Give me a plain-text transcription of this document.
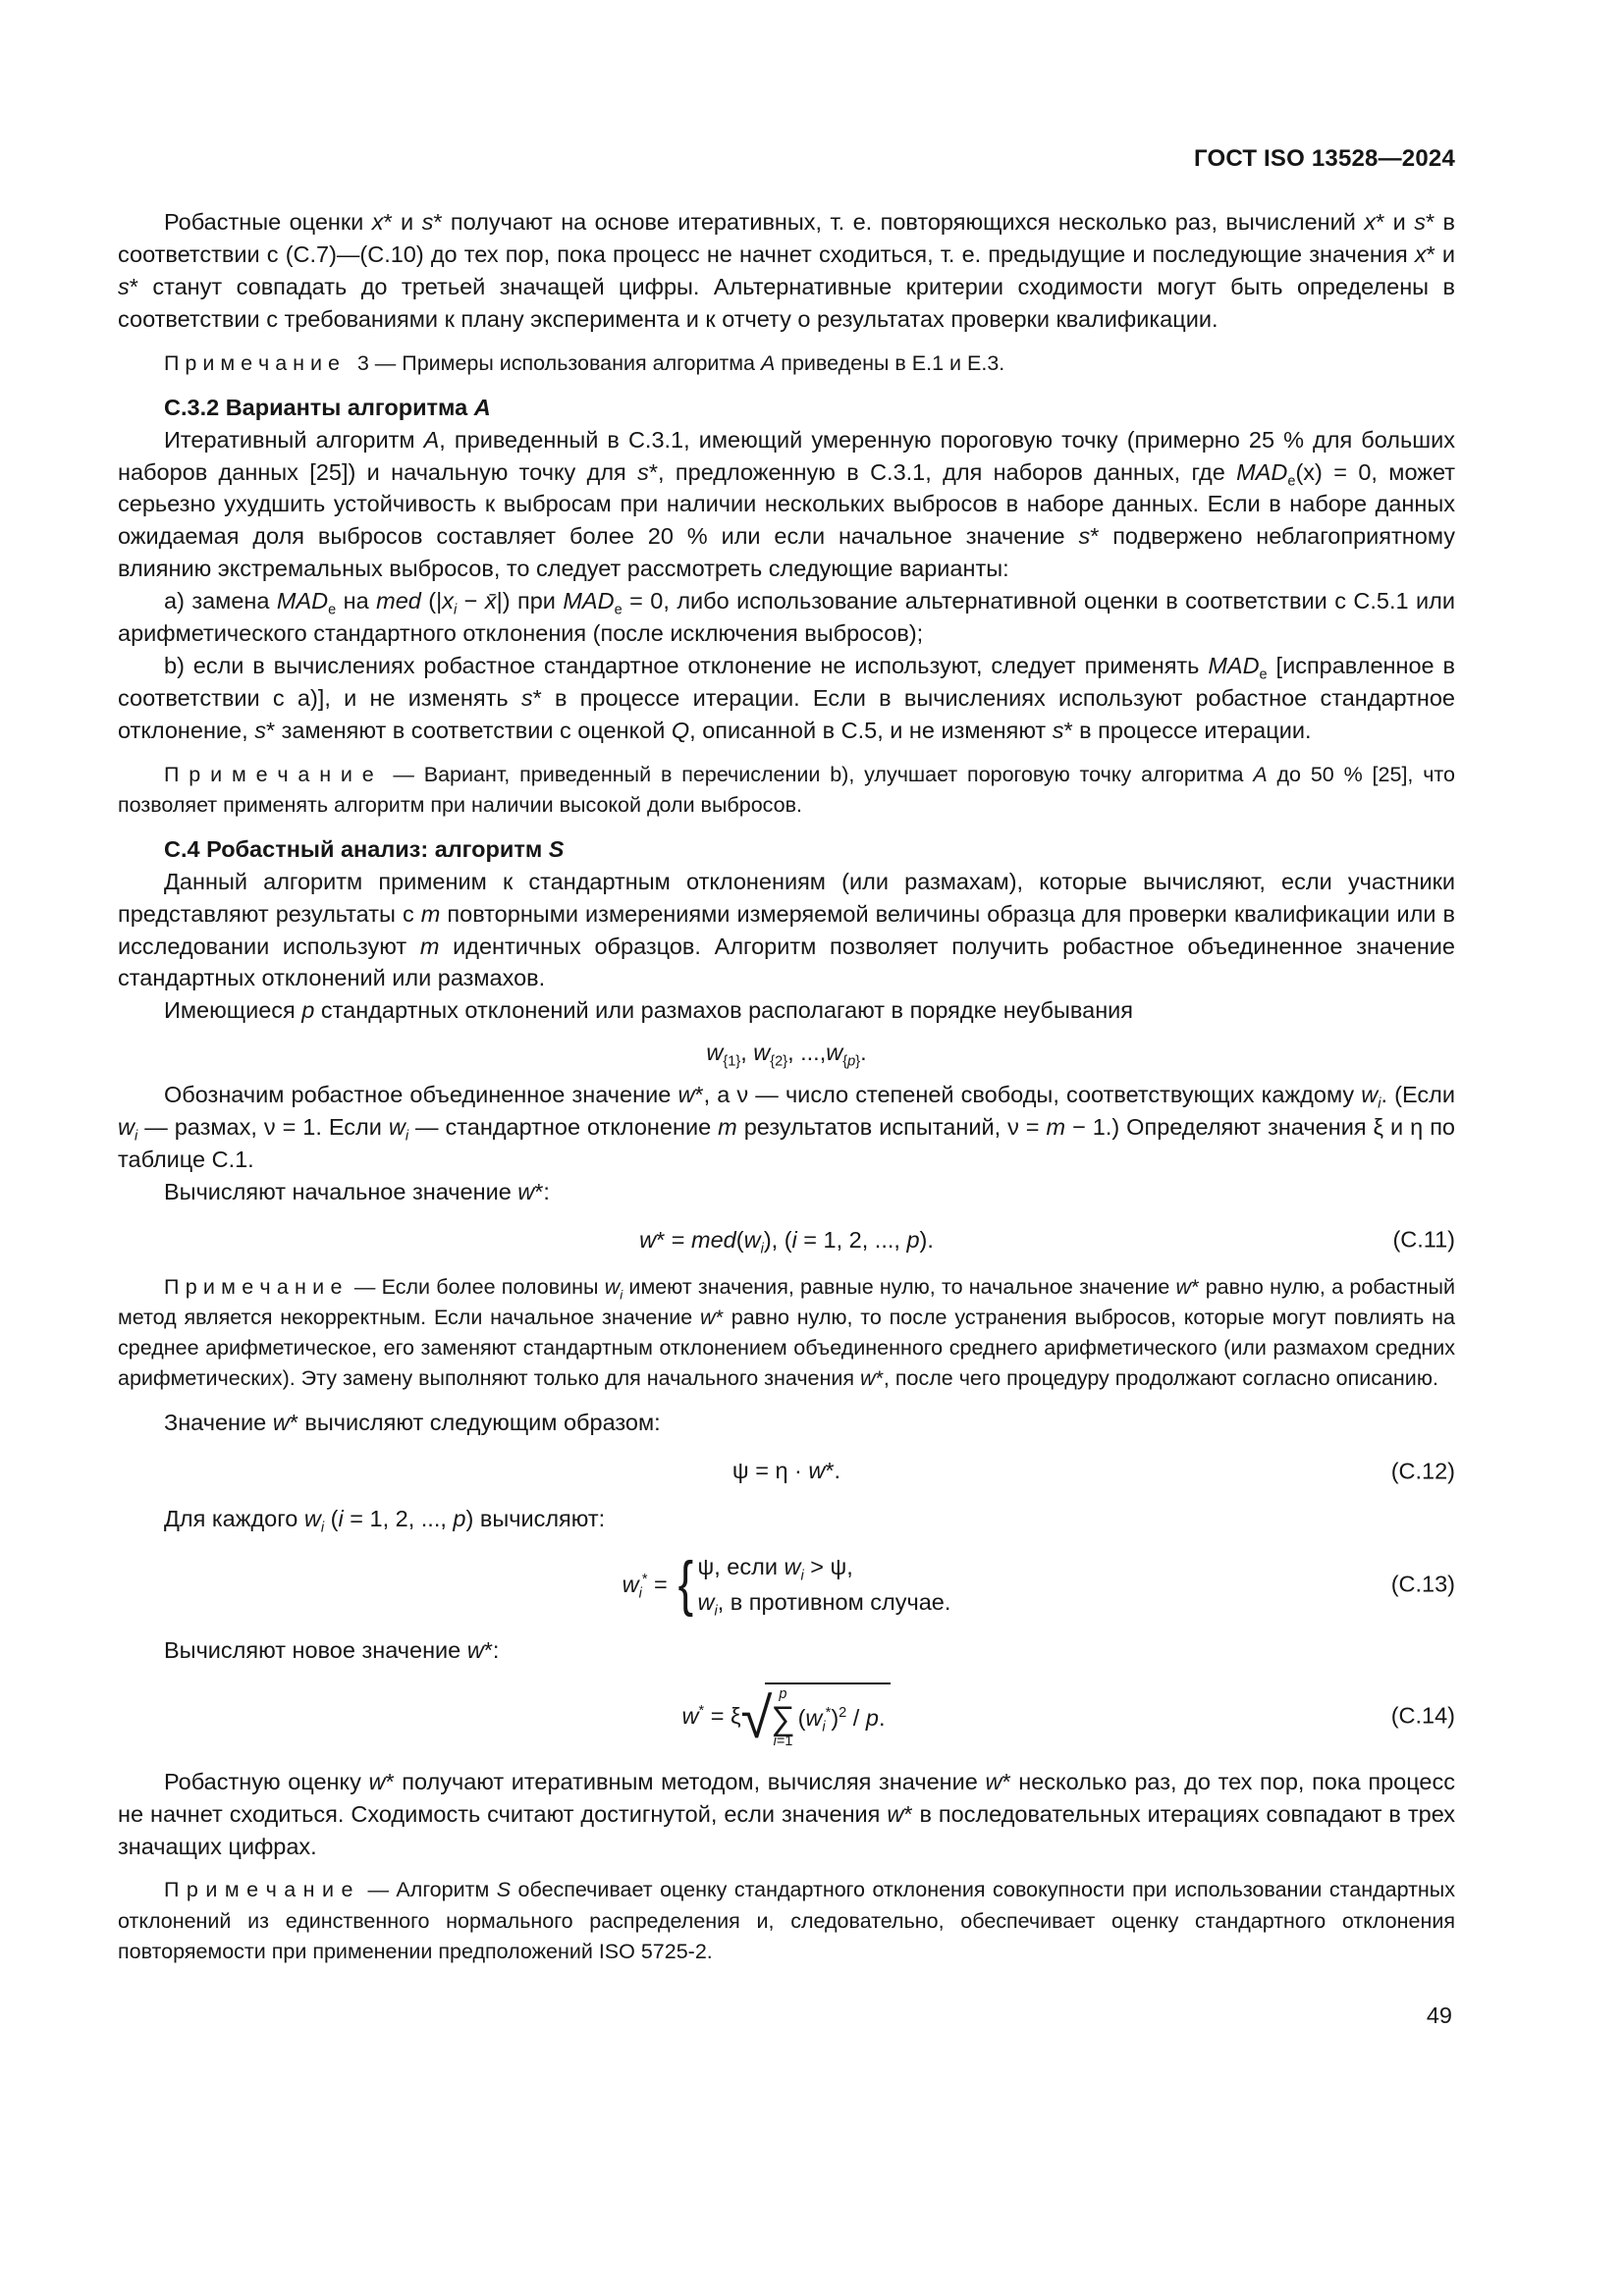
ГОСТ ISO 13528—2024

Робастные оценки x* и s* получают на основе итеративных, т. е. повторяющихся несколько раз, вычислений x* и s* в соответствии с (С.7)—(С.10) до тех пор, пока процесс не начнет сходиться, т. е. предыдущие и последующие значения x* и s* станут совпадать до третьей значащей цифры. Альтернативные критерии сходимости могут быть определены в соответствии с требованиями к плану эксперимента и к отчету о результатах проверки квалификации.

П р и м е ч а н и е   3 — Примеры использования алгоритма A приведены в Е.1 и Е.3.

С.3.2 Варианты алгоритма A

Итеративный алгоритм A, приведенный в С.3.1, имеющий умеренную пороговую точку (примерно 25 % для больших наборов данных [25]) и начальную точку для s*, предложенную в С.3.1, для наборов данных, где $MAD_e(x) = 0$, может серьезно ухудшить устойчивость к выбросам при наличии нескольких выбросов в наборе данных. Если в наборе данных ожидаемая доля выбросов составляет более 20 % или если начальное значение s* подвержено неблагоприятному влиянию экстремальных выбросов, то следует рассмотреть следующие варианты:

а) замена $MAD_e$ на med ($|x_i$ − x̄|) при $MAD_e = 0$, либо использование альтернативной оценки в соответствии с С.5.1 или арифметического стандартного отклонения (после исключения выбросов);

b) если в вычислениях робастное стандартное отклонение не используют, следует применять $MAD_e$ [исправленное в соответствии с а)], и не изменять s* в процессе итерации. Если в вычислениях используют робастное стандартное отклонение, s* заменяют в соответствии с оценкой Q, описанной в С.5, и не изменяют s* в процессе итерации.

П р и м е ч а н и е  — Вариант, приведенный в перечислении b), улучшает пороговую точку алгоритма A до 50 % [25], что позволяет применять алгоритм при наличии высокой доли выбросов.

С.4 Робастный анализ: алгоритм S

Данный алгоритм применим к стандартным отклонениям (или размахам), которые вычисляют, если участники представляют результаты с m повторными измерениями измеряемой величины образца для проверки квалификации или в исследовании используют m идентичных образцов. Алгоритм позволяет получить робастное объединенное значение стандартных отклонений или размахов.

Имеющиеся p стандартных отклонений или размахов располагают в порядке неубывания

$w_{\{1\}}$, $w_{\{2\}}$, $...,w_{\{p\}}$.

Обозначим робастное объединенное значение w*, а ν — число степеней свободы, соответствующих каждому $w_i$. (Если $w_i$ — размах, ν = 1. Если $w_i$ — стандартное отклонение m результатов испытаний, ν = m − 1.) Определяют значения ξ и η по таблице С.1.

Вычисляют начальное значение w*:

$w* = med(w_i)$, (i = 1, 2, ..., p).	(С.11)

П р и м е ч а н и е  — Если более половины $w_i$ имеют значения, равные нулю, то начальное значение w* равно нулю, а робастный метод является некорректным. Если начальное значение w* равно нулю, то после устранения выбросов, которые могут повлиять на среднее арифметическое, его заменяют стандартным отклонением объединенного среднего арифметического (или размахом средних арифметических). Эту замену выполняют только для начального значения w*, после чего процедуру продолжают согласно описанию.

Значение w* вычисляют следующим образом:

ψ = η · w*.	(С.12)

Для каждого $w_i$ (i = 1, 2, ..., p) вычисляют:

$w_i^*$ = { ψ, если $w_i > \psi$,
$w_i$, в противном случае.
(С.13)

Вычисляют новое значение w*:

w* = ξ √ p
∑
i=1
$(w_i^*)^2$ / p.	(С.14)

Робастную оценку w* получают итеративным методом, вычисляя значение w* несколько раз, до тех пор, пока процесс не начнет сходиться. Сходимость считают достигнутой, если значения w* в последовательных итерациях совпадают в трех значащих цифрах.

П р и м е ч а н и е  — Алгоритм S обеспечивает оценку стандартного отклонения совокупности при использовании стандартных отклонений из единственного нормального распределения и, следовательно, обеспечивает оценку стандартного отклонения повторяемости при применении предположений ISO 5725-2.

49
